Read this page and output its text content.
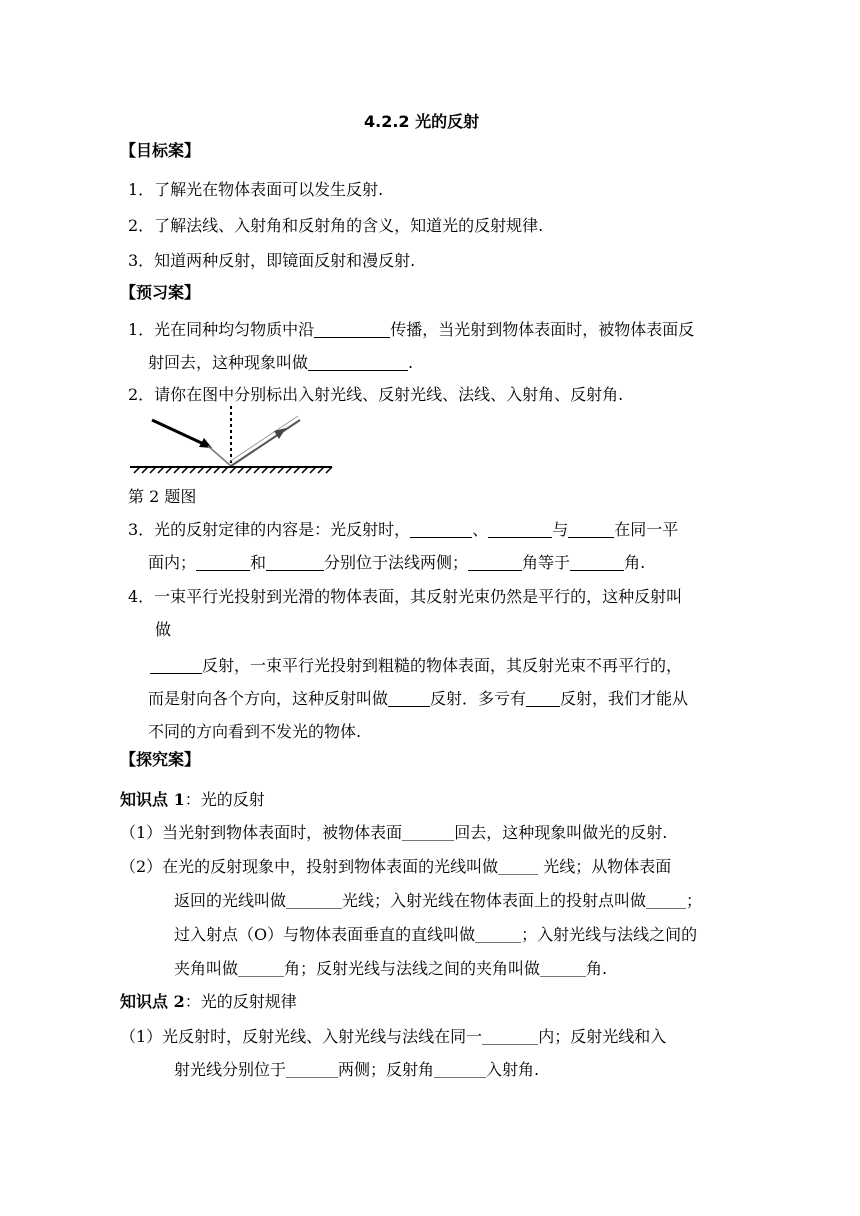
4.2.2 光的反射
【目标案】
1．了解光在物体表面可以发生反射.
2．了解法线、入射角和反射角的含义，知道光的反射规律.
3．知道两种反射，即镜面反射和漫反射.
【预习案】
1．光在同种均匀物质中沿	传播，当光射到物体表面时，被物体表面反
射回去，这种现象叫做	.
2．请你在图中分别标出入射光线、反射光线、法线、入射角、反射角.
第 2 题图
3．光的反射定律的内容是：光反射时，	、	与	在同一平
面内；	和	分别位于法线两侧；	角等于	角.
4．一束平行光投射到光滑的物体表面，其反射光束仍然是平行的，这种反射叫
做
反射，一束平行光投射到粗糙的物体表面，其反射光束不再平行的，
而是射向各个方向，这种反射叫做	反射．多亏有 反射，我们才能从
不同的方向看到不发光的物体.
【探究案】
知识点 1：光的反射
（1）当光射到物体表面时，被物体表面	回去，这种现象叫做光的反射.
（2）在光的反射现象中，投射到物体表面的光线叫做	光线；从物体表面
返回的光线叫做	光线；入射光线在物体表面上的投射点叫做	；
过入射点（O）与物体表面垂直的直线叫做	；入射光线与法线之间的
夹角叫做	角；反射光线与法线之间的夹角叫做	角.
知识点 2：光的反射规律
（1）光反射时，反射光线、入射光线与法线在同一	内；反射光线和入
射光线分别位于	两侧；反射角	入射角.
